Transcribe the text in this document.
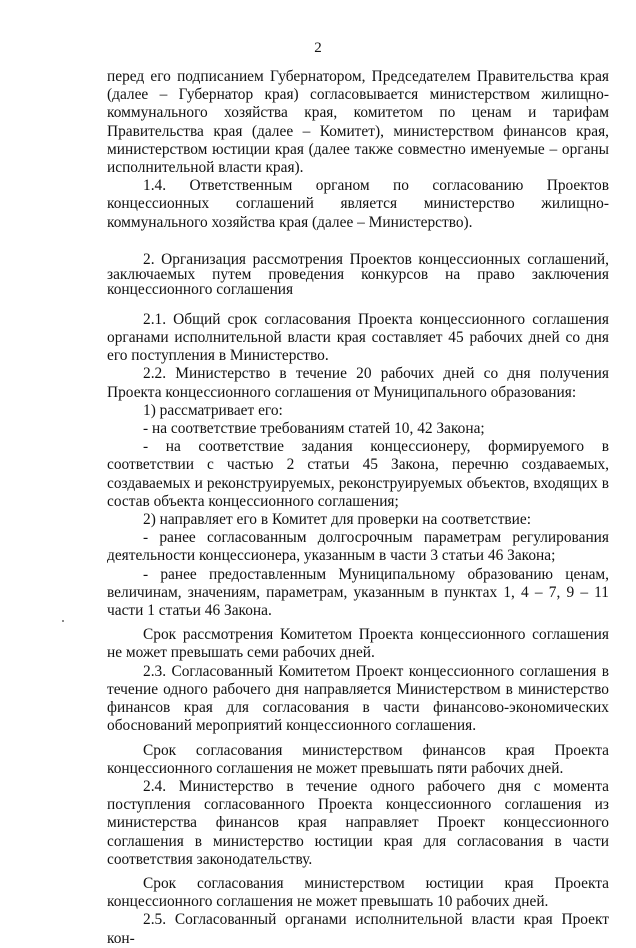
2

перед его подписанием Губернатором, Председателем Правительства края (далее – Губернатор края) согласовывается министерством жилищно-коммунального хозяйства края, комитетом по ценам и тарифам Правительства края (далее – Комитет), министерством финансов края, министерством юстиции края (далее также совместно именуемые – органы исполнительной власти края).

1.4. Ответственным органом по согласованию Проектов концессионных соглашений является министерство жилищно-коммунального хозяйства края (далее – Министерство).

2. Организация рассмотрения Проектов концессионных соглашений, заключаемых путем проведения конкурсов на право заключения концессионного соглашения

2.1. Общий срок согласования Проекта концессионного соглашения органами исполнительной власти края составляет 45 рабочих дней со дня его поступления в Министерство.

2.2. Министерство в течение 20 рабочих дней со дня получения Проекта концессионного соглашения от Муниципального образования:

1) рассматривает его:

- на соответствие требованиям статей 10, 42 Закона;

- на соответствие задания концессионеру, формируемого в соответствии с частью 2 статьи 45 Закона, перечню создаваемых, создаваемых и реконструируемых, реконструируемых объектов, входящих в состав объекта концессионного соглашения;

2) направляет его в Комитет для проверки на соответствие:

- ранее согласованным долгосрочным параметрам регулирования деятельности концессионера, указанным в части 3 статьи 46 Закона;

- ранее предоставленным Муниципальному образованию ценам, величинам, значениям, параметрам, указанным в пунктах 1, 4 – 7, 9 – 11 части 1 статьи 46 Закона.

Срок рассмотрения Комитетом Проекта концессионного соглашения не может превышать семи рабочих дней.

2.3. Согласованный Комитетом Проект концессионного соглашения в течение одного рабочего дня направляется Министерством в министерство финансов края для согласования в части финансово-экономических обоснований мероприятий концессионного соглашения.

Срок согласования министерством финансов края Проекта концессионного соглашения не может превышать пяти рабочих дней.

2.4. Министерство в течение одного рабочего дня с момента поступления согласованного Проекта концессионного соглашения из министерства финансов края направляет Проект концессионного соглашения в министерство юстиции края для согласования в части соответствия законодательству.

Срок согласования министерством юстиции края Проекта концессионного соглашения не может превышать 10 рабочих дней.

2.5. Согласованный органами исполнительной власти края Проект кон-
